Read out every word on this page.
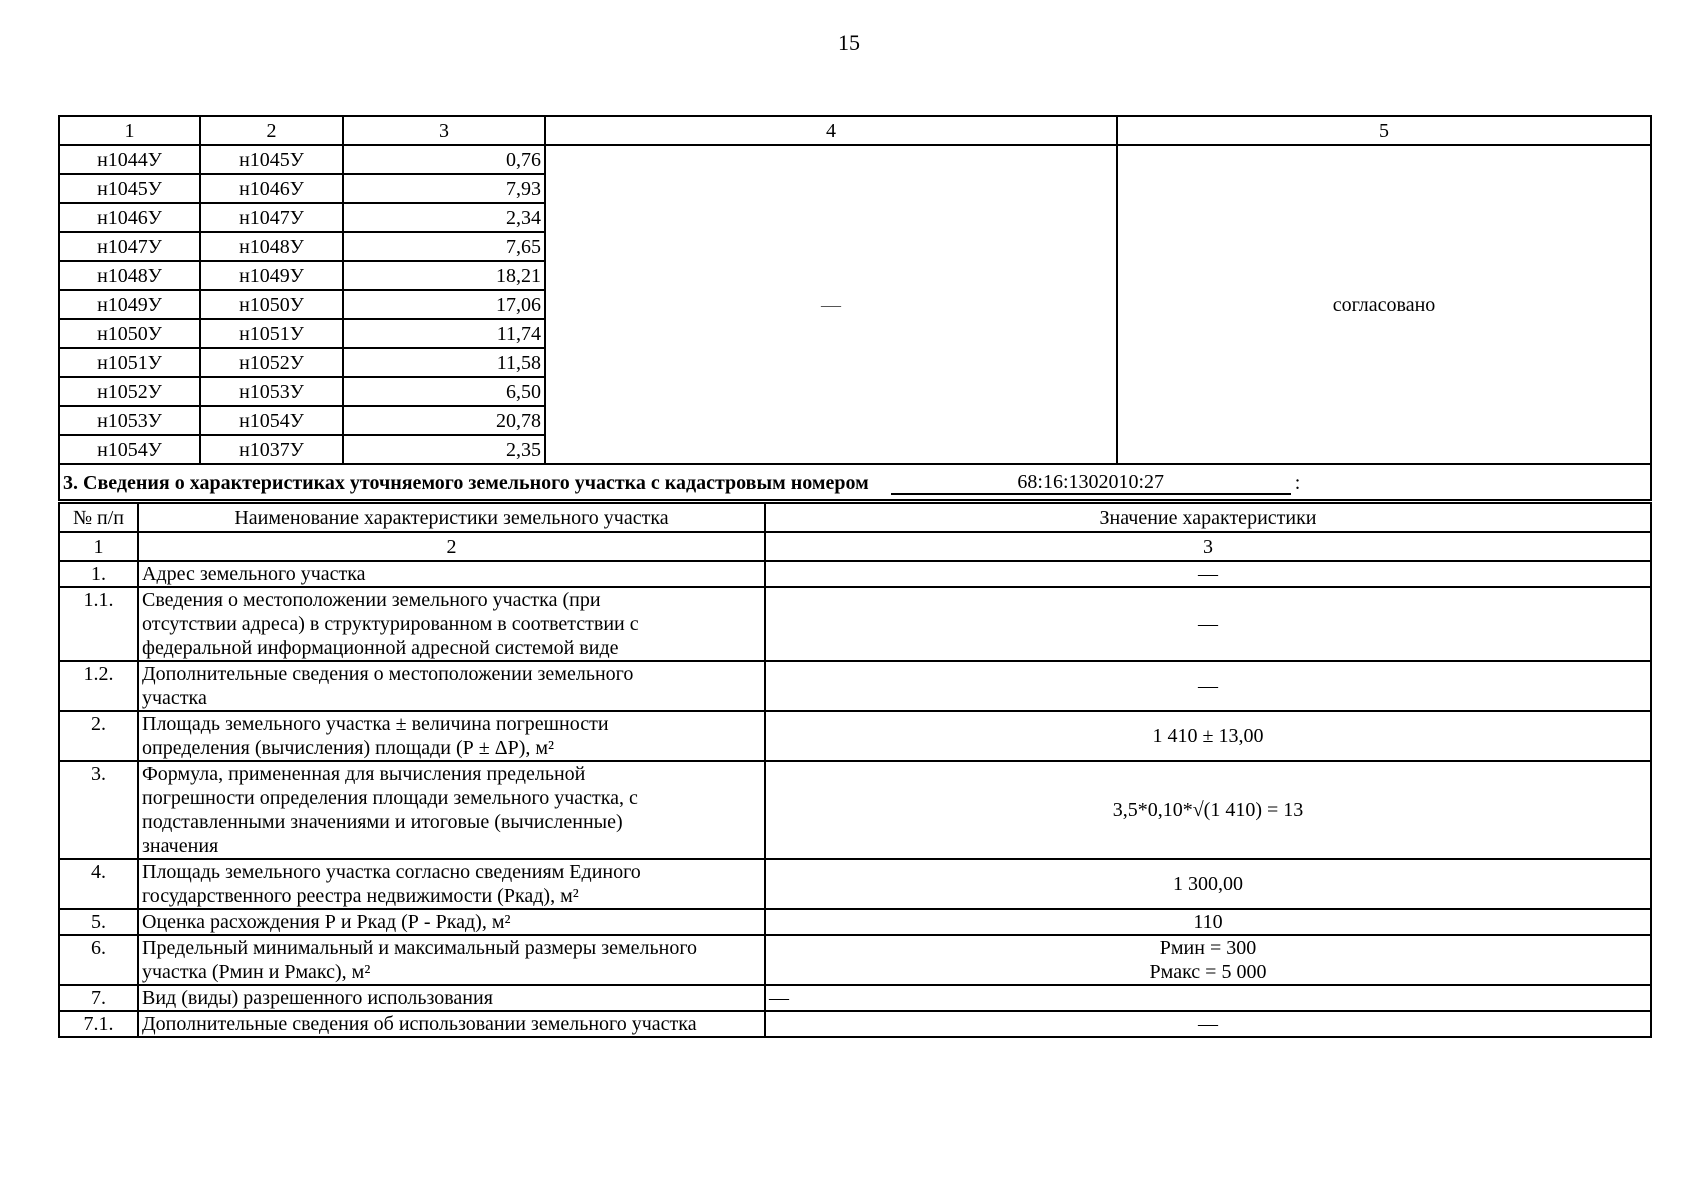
15
1	2	3	4	5
н1044У	н1045У	0,76	—	согласовано
н1045У	н1046У	7,93		
н1046У	н1047У	2,34		
н1047У	н1048У	7,65		
н1048У	н1049У	18,21		
н1049У	н1050У	17,06		
н1050У	н1051У	11,74		
н1051У	н1052У	11,58		
н1052У	н1053У	6,50		
н1053У	н1054У	20,78		
н1054У	н1037У	2,35		
3. Сведения о характеристиках уточняемого земельного участка с кадастровым номером 68:16:1302010:27 :				
№ п/п	Наименование характеристики земельного участка	Значение характеристики
1	2	3
1.	Адрес земельного участка	—

1.1.	Сведения о местоположении земельного участка (при
отсутствии адреса) в структурированном в соответствии с
федеральной информационной адресной системой виде	—

1.2.	Дополнительные сведения о местоположении земельного
участка	—

2.	Площадь земельного участка ± величина погрешности
определения (вычисления) площади (Р ± ΔР), м²	1 410 ± 13,00

3.	Формула, примененная для вычисления предельной
погрешности определения площади земельного участка, с
подставленными значениями и итоговые (вычисленные)
значения	3,5*0,10*√(1 410) = 13

4.	Площадь земельного участка согласно сведениям Единого
государственного реестра недвижимости (Ркад), м²	1 300,00

5.	Оценка расхождения Р и Ркад (Р - Ркад), м²	110

6.	Предельный минимальный и максимальный размеры земельного
участка (Рмин и Рмакс), м²	Рмин = 300
Рмакс = 5 000

7.	Вид (виды) разрешенного использования	—

7.1.	Дополнительные сведения об использовании земельного участка	—
